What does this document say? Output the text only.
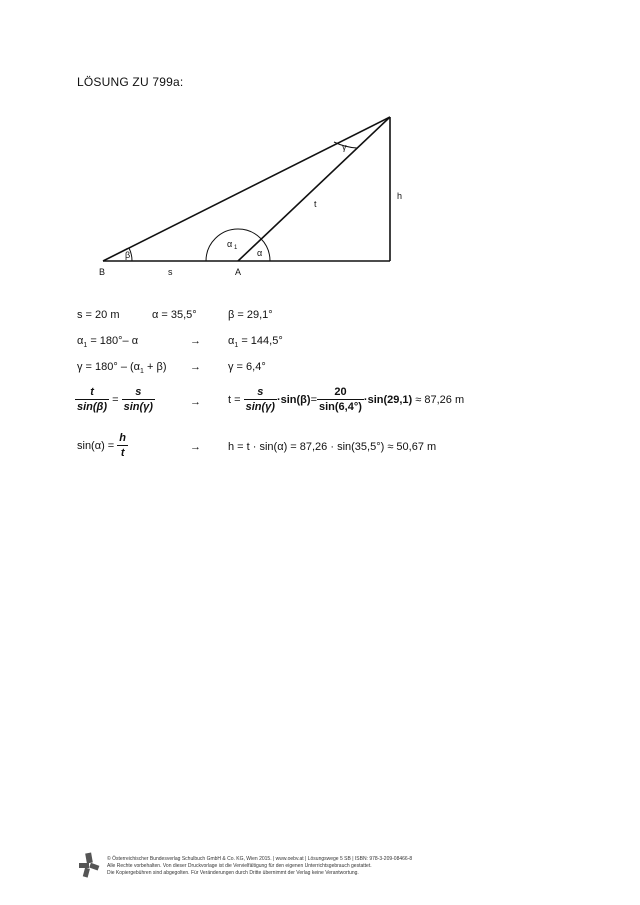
LÖSUNG ZU 799a:
γ
t
h
α 1 α
β
B	s	A
s = 20 m	α = 35,5°	β = 29,1°
$\alpha_1 = 180^\circ-$ α	→ $\alpha_1 = 144,5^\circ$
$\gamma = 180^\circ - (\alpha_1 + \beta) \to \gamma = 6,4^\circ$
$\frac{t}{\sin(\beta)} = \frac{s}{\sin(\gamma)}$	→ $t = \frac{s}{\sin(\gamma)} \cdot\sin(\beta)= \frac{20}{\sin(6,4^\circ)} \cdot\sin(29,1) \approx 87,26$ m
$\sin(\alpha) = \frac{h}{t}$	→ h = t · sin(α) = 87,26 · sin(35,5°) ≈ 50,67 m
© Österreichischer Bundesverlag Schulbuch GmbH & Co. KG, Wien 2015. | www.oebv.at | Lösungswege 5 SB | ISBN: 978-3-209-08466-8
Alle Rechte vorbehalten. Von dieser Druckvorlage ist die Vervielfältigung für den eigenen Unterrichtsgebrauch gestattet.
Die Kopiergebühren sind abgegolten. Für Veränderungen durch Dritte übernimmt der Verlag keine Verantwortung.
